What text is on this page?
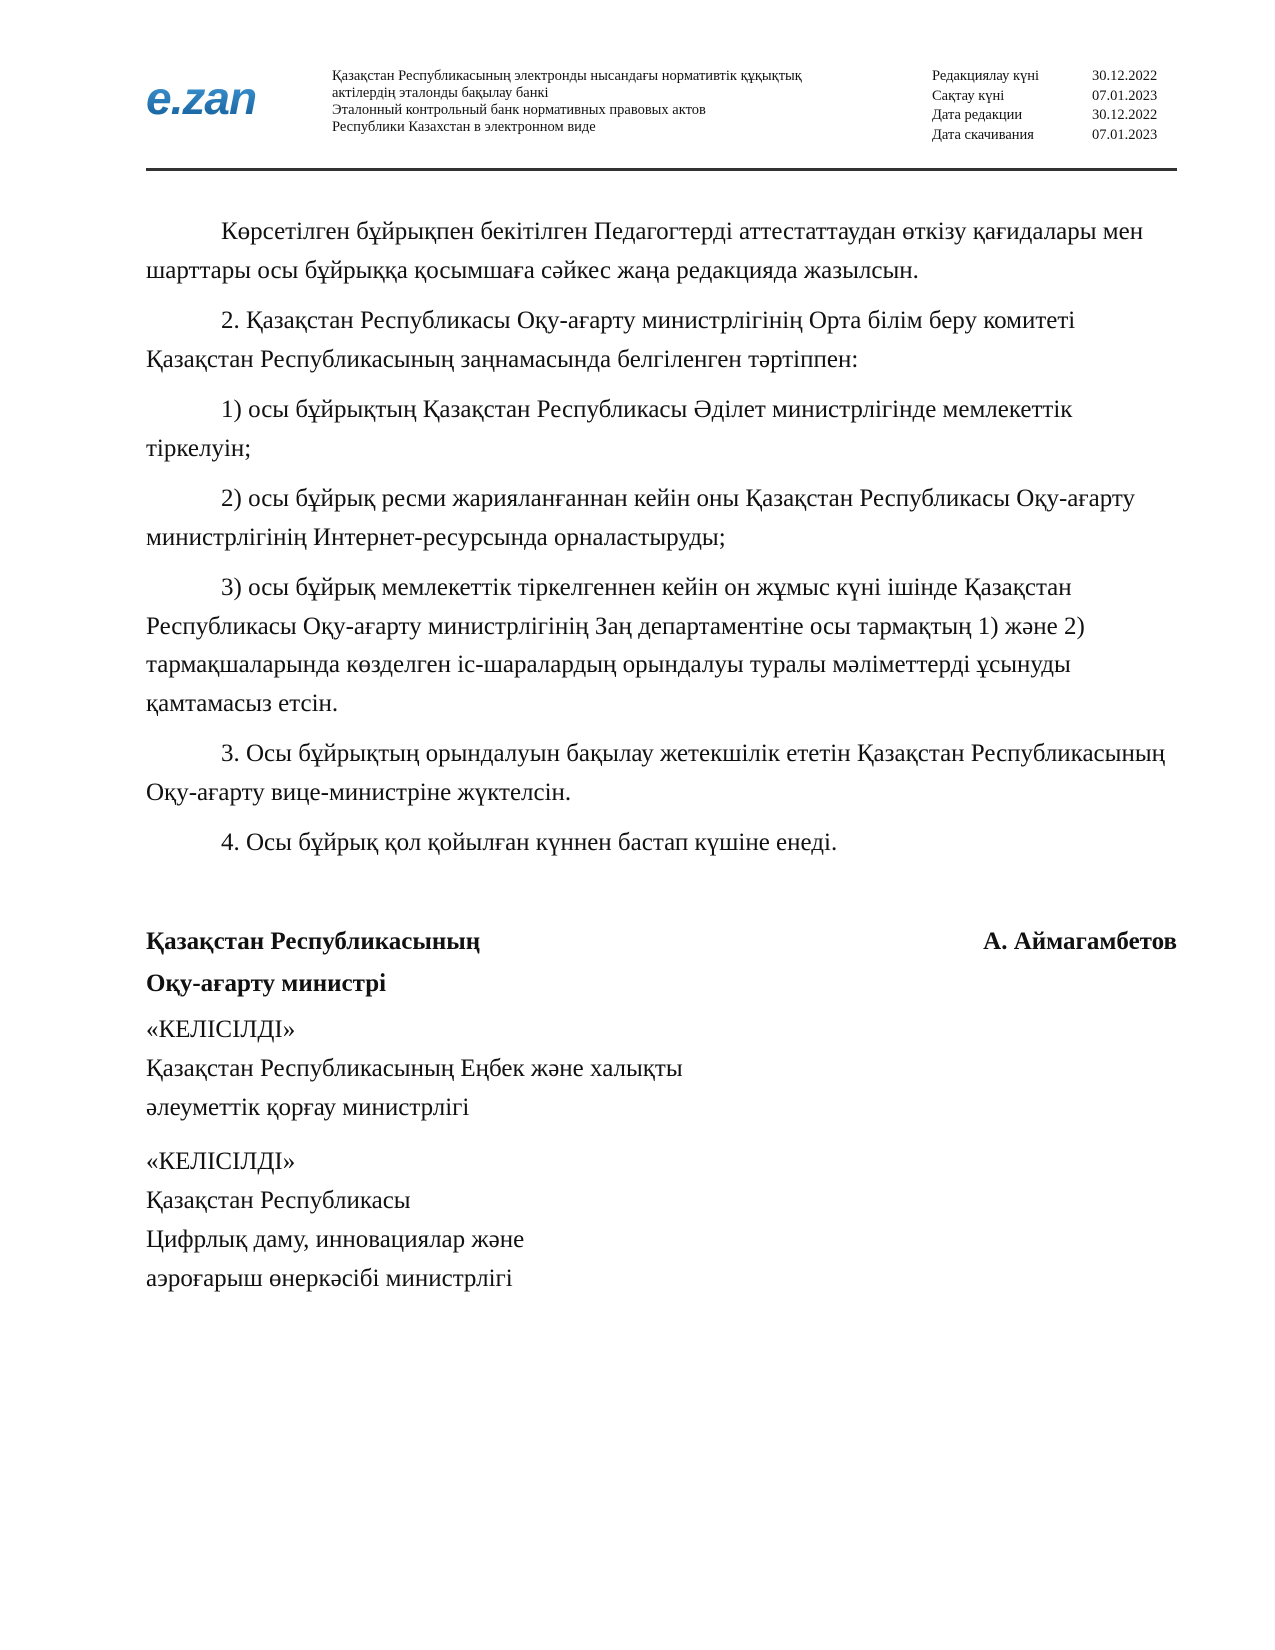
e.zan	Қазақстан Республикасының электронды нысандағы нормативтік құқықтық
актілердің эталонды бақылау банкі
Эталонный контрольный банк нормативных правовых актов
Республики Казахстан в электронном виде
Редакциялау күні	30.12.2022
Сақтау күні	07.01.2023
Дата редакции	30.12.2022
Дата скачивания	07.01.2023

Көрсетілген бұйрықпен бекітілген Педагогтерді аттестаттаудан өткізу қағидалары мен шарттары осы бұйрыққа қосымшаға сәйкес жаңа редакцияда жазылсын.

2. Қазақстан Республикасы Оқу-ағарту министрлігінің Орта білім беру комитеті Қазақстан Республикасының заңнамасында белгіленген тәртіппен:

1) осы бұйрықтың Қазақстан Республикасы Әділет министрлігінде мемлекеттік тіркелуін;

2) осы бұйрық ресми жарияланғаннан кейін оны Қазақстан Республикасы Оқу-ағарту министрлігінің Интернет-ресурсында орналастыруды;

3) осы бұйрық мемлекеттік тіркелгеннен кейін он жұмыс күні ішінде Қазақстан Республикасы Оқу-ағарту министрлігінің Заң департаментіне осы тармақтың 1) және 2) тармақшаларында көзделген іс-шаралардың орындалуы туралы мәліметтерді ұсынуды қамтамасыз етсін.

3. Осы бұйрықтың орындалуын бақылау жетекшілік ететін Қазақстан Республикасының Оқу-ағарту вице-министріне жүктелсін.

4. Осы бұйрық қол қойылған күннен бастап күшіне енеді.

Қазақстан Республикасының	А. Аймагамбетов
Оқу-ағарту министрі
«КЕЛІСІЛДІ»
Қазақстан Республикасының Еңбек және халықты
әлеуметтік қорғау министрлігі
«КЕЛІСІЛДІ»
Қазақстан Республикасы
Цифрлық даму, инновациялар және
аэроғарыш өнеркәсібі министрлігі
